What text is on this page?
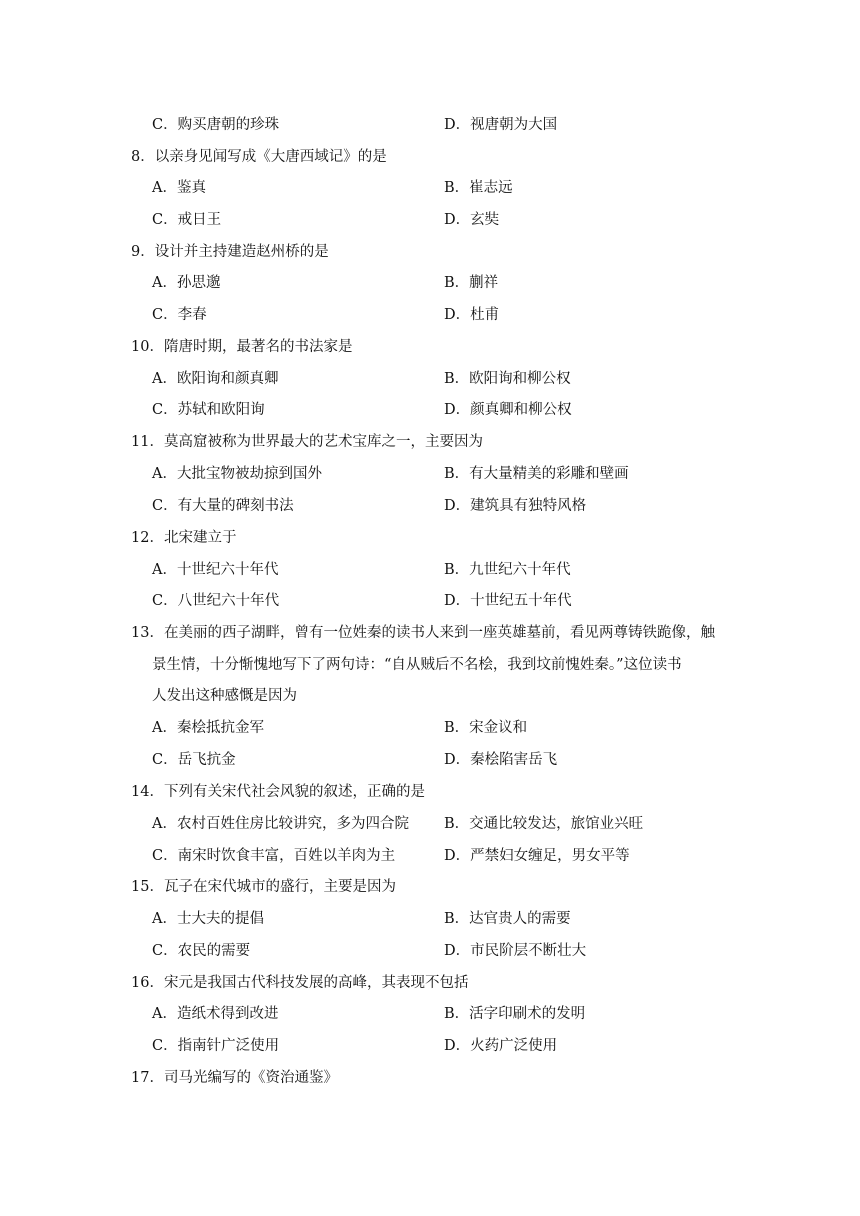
C．购买唐朝的珍珠	D．视唐朝为大国
8．以亲身见闻写成《大唐西域记》的是
A．鉴真	B．崔志远
C．戒日王	D．玄奘
9．设计并主持建造赵州桥的是
A．孙思邈	B．蒯祥
C．李春	D．杜甫
10．隋唐时期，最著名的书法家是
A．欧阳询和颜真卿	B．欧阳询和柳公权
C．苏轼和欧阳询	D．颜真卿和柳公权
11．莫高窟被称为世界最大的艺术宝库之一，主要因为
A．大批宝物被劫掠到国外	B．有大量精美的彩雕和壁画
C．有大量的碑刻书法	D．建筑具有独特风格
12．北宋建立于
A．十世纪六十年代	B．九世纪六十年代
C．八世纪六十年代	D．十世纪五十年代
13．在美丽的西子湖畔，曾有一位姓秦的读书人来到一座英雄墓前，看见两尊铸铁跪像，触
景生情，十分惭愧地写下了两句诗：“自从贼后不名桧，我到坟前愧姓秦。”这位读书
人发出这种感慨是因为
A．秦桧抵抗金军	B．宋金议和
C．岳飞抗金	D．秦桧陷害岳飞
14．下列有关宋代社会风貌的叙述，正确的是
A．农村百姓住房比较讲究，多为四合院 B．交通比较发达，旅馆业兴旺
C．南宋时饮食丰富，百姓以羊肉为主	D．严禁妇女缠足，男女平等
15．瓦子在宋代城市的盛行，主要是因为
A．士大夫的提倡	B．达官贵人的需要
C．农民的需要	D．市民阶层不断壮大
16．宋元是我国古代科技发展的高峰，其表现不包括
A．造纸术得到改进	B．活字印刷术的发明
C．指南针广泛使用	D．火药广泛使用
17．司马光编写的《资治通鉴》
